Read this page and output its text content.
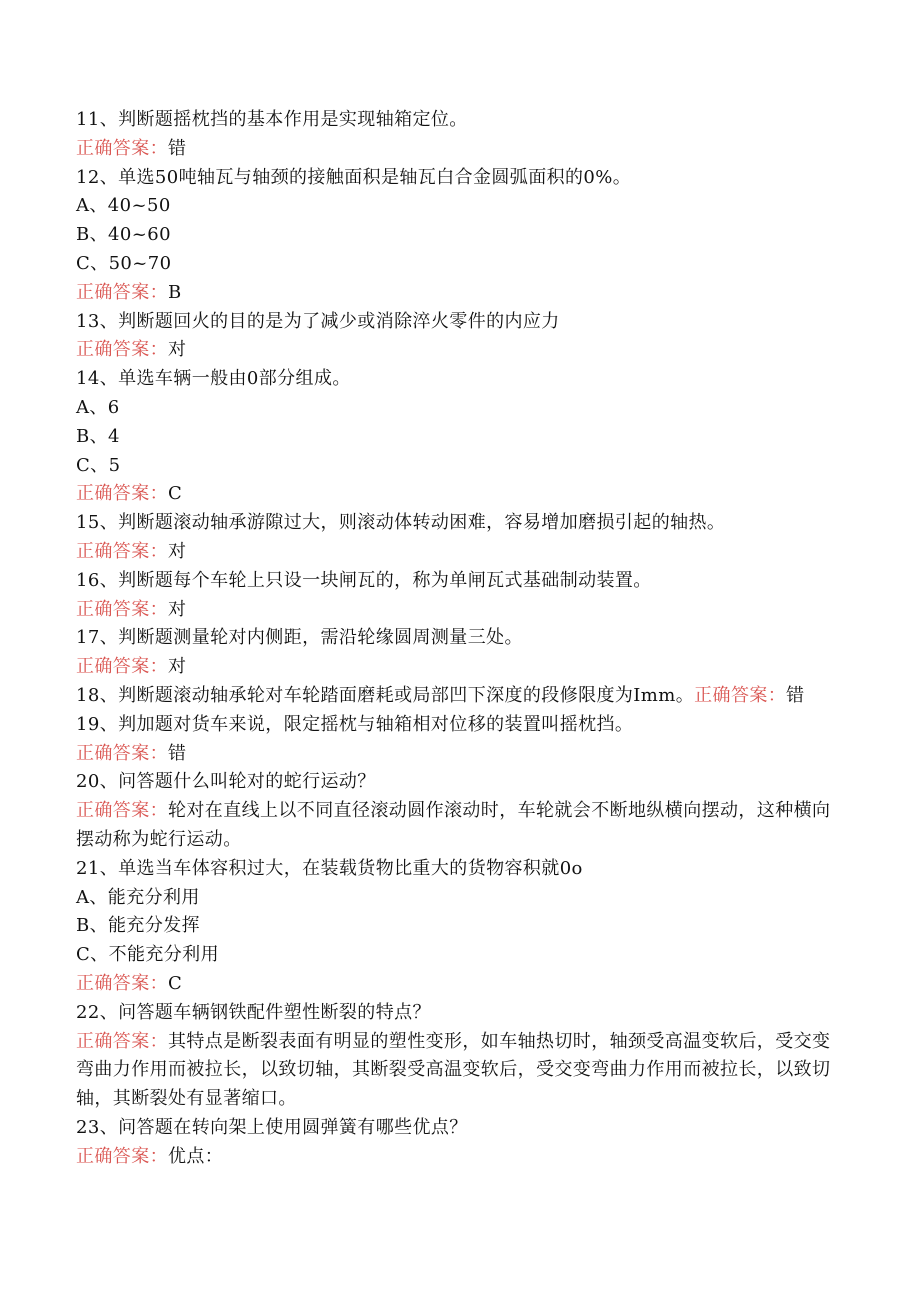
11、判断题摇枕挡的基本作用是实现轴箱定位。
正确答案：错
12、单选50吨轴瓦与轴颈的接触面积是轴瓦白合金圆弧面积的0%。
A、40~50
B、40~60
C、50~70
正确答案：B
13、判断题回火的目的是为了减少或消除淬火零件的内应力
正确答案：对
14、单选车辆一般由0部分组成。
A、6
B、4
C、5
正确答案：C
15、判断题滚动轴承游隙过大，则滚动体转动困难，容易增加磨损引起的轴热。
正确答案：对
16、判断题每个车轮上只设一块闸瓦的，称为单闸瓦式基础制动装置。
正确答案：对
17、判断题测量轮对内侧距，需沿轮缘圆周测量三处。
正确答案：对
18、判断题滚动轴承轮对车轮踏面磨耗或局部凹下深度的段修限度为Imm。正确答案：错
19、判加题对货车来说，限定摇枕与轴箱相对位移的装置叫摇枕挡。
正确答案：错
20、问答题什么叫轮对的蛇行运动？
正确答案：轮对在直线上以不同直径滚动圆作滚动时，车轮就会不断地纵横向摆动，这种横向摆动称为蛇行运动。
21、单选当车体容积过大，在装载货物比重大的货物容积就0o
A、能充分利用
B、能充分发挥
C、不能充分利用
正确答案：C
22、问答题车辆钢铁配件塑性断裂的特点？
正确答案：其特点是断裂表面有明显的塑性变形，如车轴热切时，轴颈受高温变软后，受交变弯曲力作用而被拉长，以致切轴，其断裂受高温变软后，受交变弯曲力作用而被拉长，以致切轴，其断裂处有显著缩口。
23、问答题在转向架上使用圆弹簧有哪些优点？
正确答案：优点：
